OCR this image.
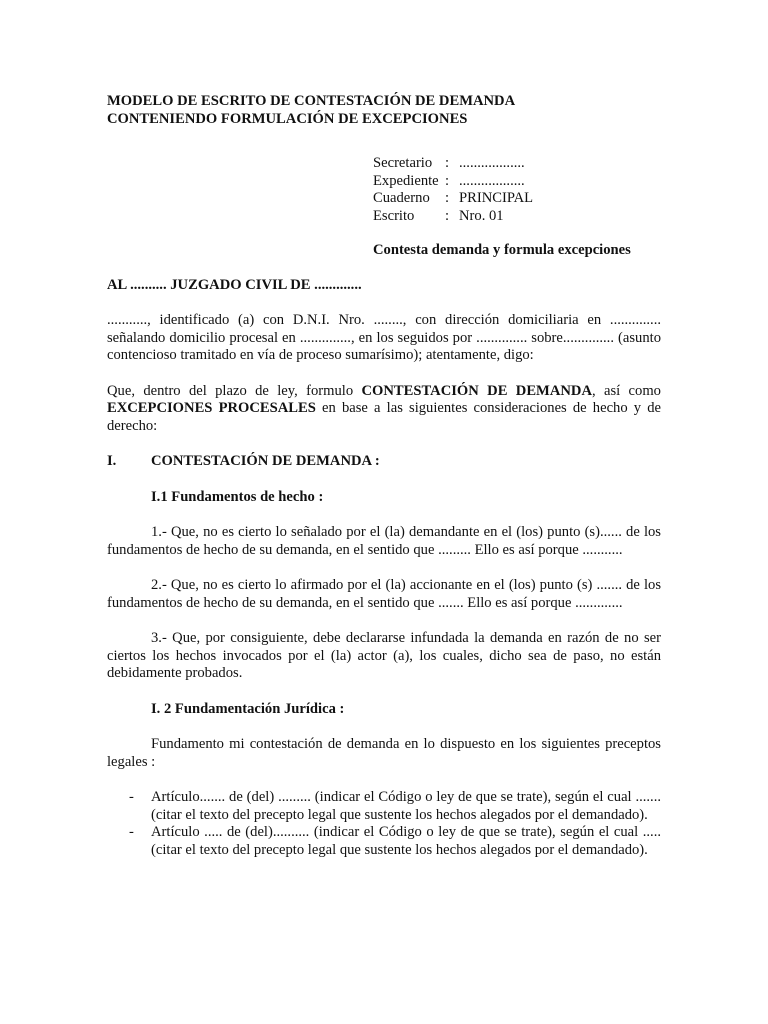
MODELO DE ESCRITO DE CONTESTACIÓN DE DEMANDA

CONTENIENDO FORMULACIÓN DE EXCEPCIONES

Secretario : ..................
Expediente : ..................
Cuaderno	: PRINCIPAL
Escrito	: Nro. 01

Contesta demanda y formula excepciones

AL .......... JUZGADO CIVIL DE .............

..........., identificado (a) con D.N.I. Nro. ........, con dirección domiciliaria en .............. señalando domicilio procesal en .............., en los seguidos por .............. sobre.............. (asunto contencioso tramitado en vía de proceso sumarísimo); atentamente, digo:

Que, dentro del plazo de ley, formulo CONTESTACIÓN DE DEMANDA, así como EXCEPCIONES PROCESALES en base a las siguientes consideraciones de hecho y de derecho:

I.	CONTESTACIÓN DE DEMANDA :

I.1 Fundamentos de hecho :

1.- Que, no es cierto lo señalado por el (la) demandante en el (los) punto (s)...... de los fundamentos de hecho de su demanda, en el sentido que ......... Ello es así porque ...........

2.- Que, no es cierto lo afirmado por el (la) accionante en el (los) punto (s) ....... de los fundamentos de hecho de su demanda, en el sentido que ....... Ello es así porque .............

3.- Que, por consiguiente, debe declararse infundada la demanda en razón de no ser ciertos los hechos invocados por el (la) actor (a), los cuales, dicho sea de paso, no están debidamente probados.

I. 2 Fundamentación Jurídica :

Fundamento mi contestación de demanda en lo dispuesto en los siguientes preceptos legales :

-	Artículo....... de (del) ......... (indicar el Código o ley de que se trate), según el cual ....... (citar el texto del precepto legal que sustente los hechos alegados por el demandado).
-	Artículo ..... de (del).......... (indicar el Código o ley de que se trate), según el cual ..... (citar el texto del precepto legal que sustente los hechos alegados por el demandado).
